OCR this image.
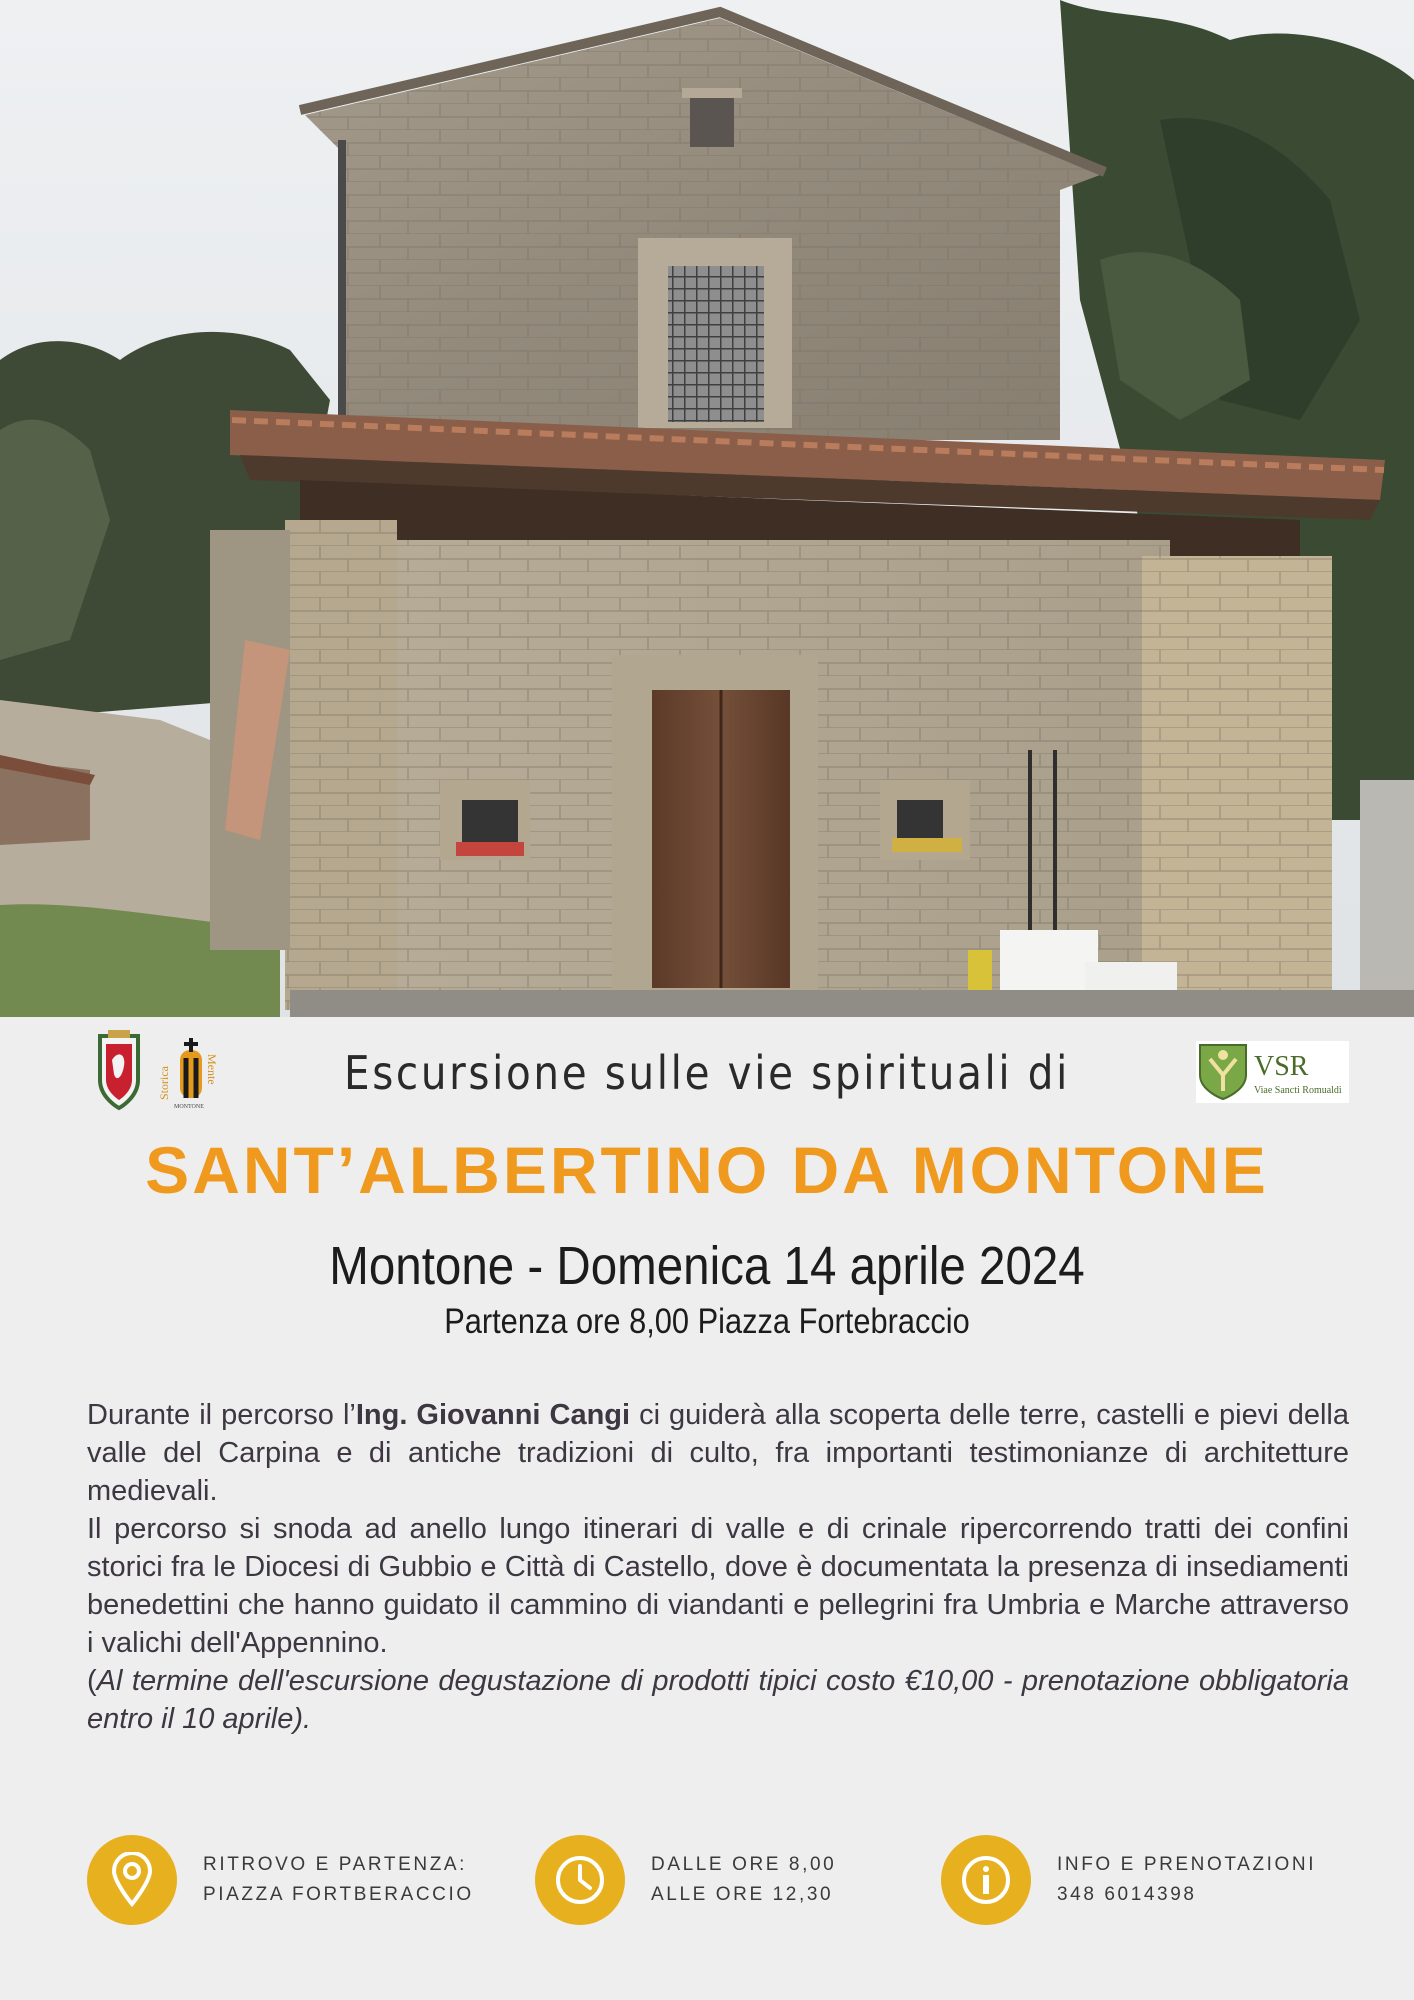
Storica	Mente
MONTONE
VSR
Viae Sancti Romualdi
Escursione sulle vie spirituali di
SANT’ALBERTINO DA MONTONE
Montone - Domenica 14 aprile 2024
Partenza ore 8,00 Piazza Fortebraccio

Durante il percorso l’Ing. Giovanni Cangi ci guiderà alla scoperta delle terre, castelli e pievi della valle del Carpina e di antiche tradizioni di culto, fra importanti testimonianze di architetture medievali.

Il percorso si snoda ad anello lungo itinerari di valle e di crinale ripercorrendo tratti dei confini storici fra le Diocesi di Gubbio e Città di Castello, dove è documentata la presenza di insediamenti benedettini che hanno guidato il cammino di viandanti e pellegrini fra Umbria e Marche attraverso i valichi dell'Appennino.

(Al termine dell'escursione degustazione di prodotti tipici costo €10,00 - prenotazione obbligatoria entro il 10 aprile).

RITROVO E PARTENZA:
PIAZZA FORTBERACCIO
DALLE ORE 8,00
ALLE ORE 12,30
INFO E PRENOTAZIONI
348 6014398
